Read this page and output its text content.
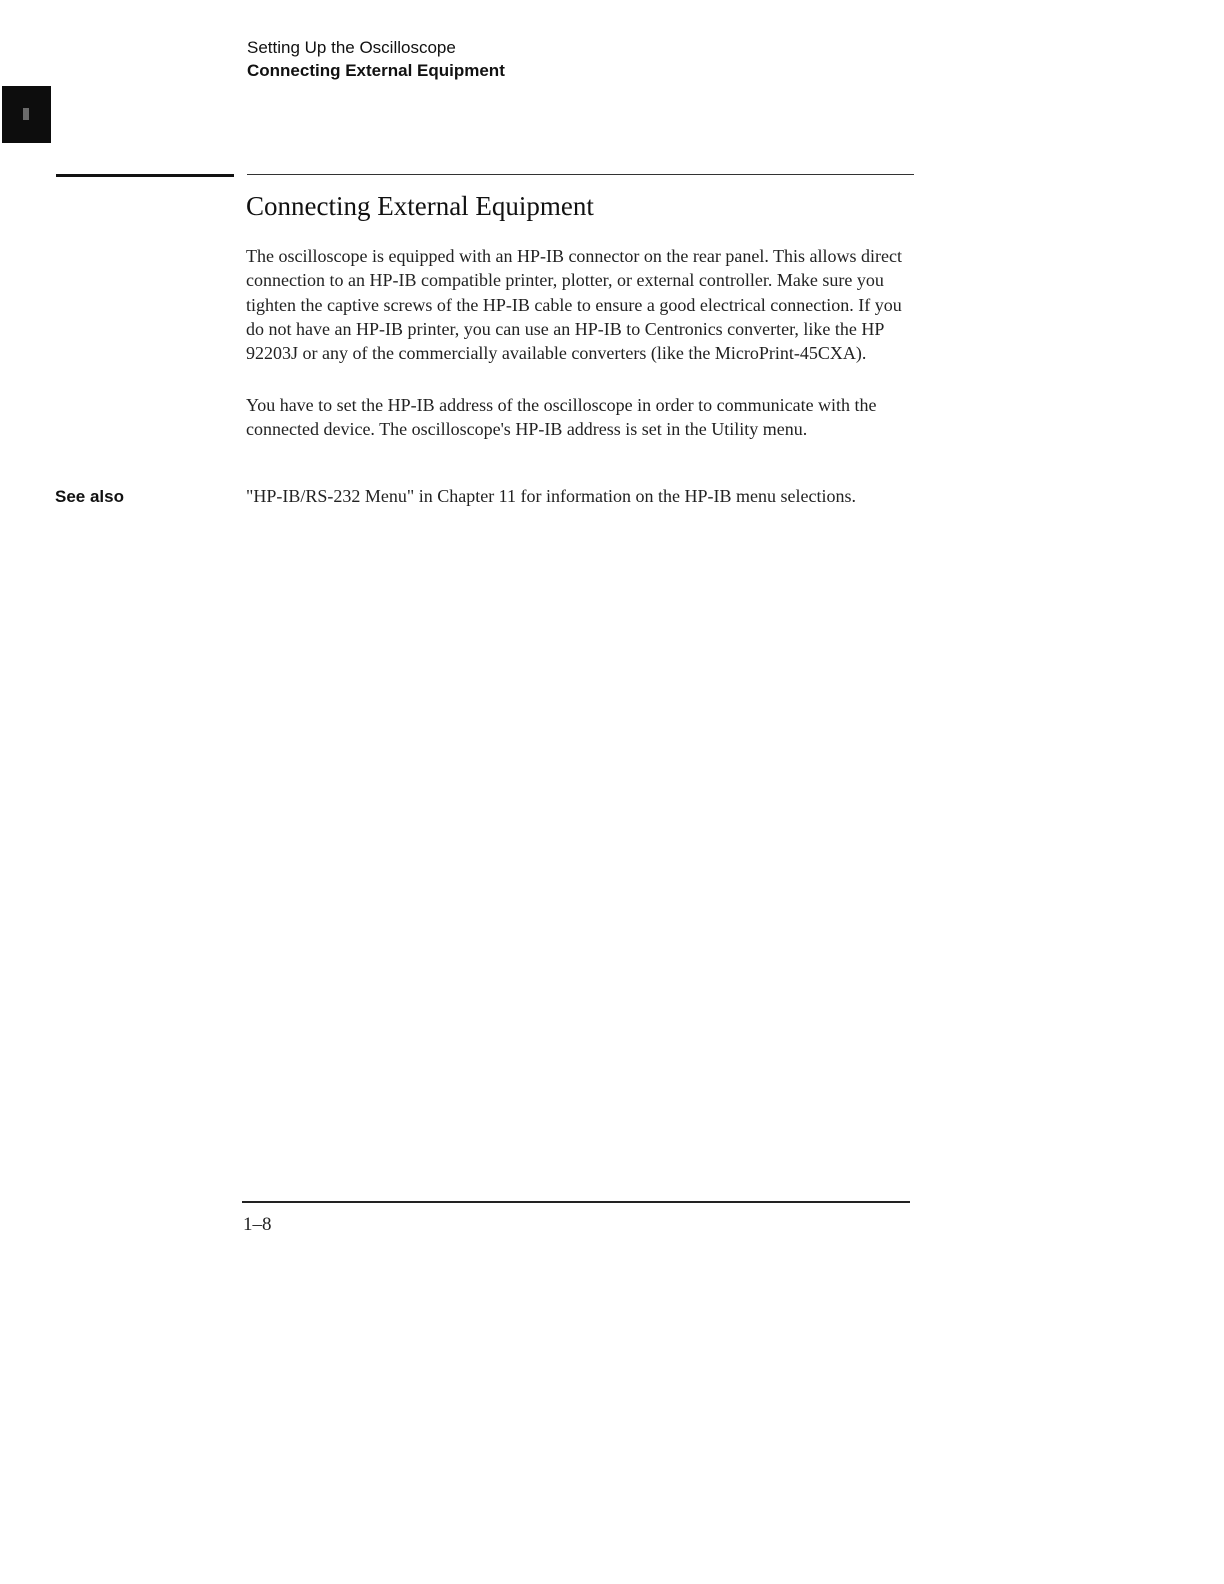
Setting Up the Oscilloscope
Connecting External Equipment
Connecting External Equipment

The oscilloscope is equipped with an HP-IB connector on the rear panel. This allows direct connection to an HP-IB compatible printer, plotter, or external controller. Make sure you tighten the captive screws of the HP-IB cable to ensure a good electrical connection. If you do not have an HP-IB printer, you can use an HP-IB to Centronics converter, like the HP 92203J or any of the commercially available converters (like the MicroPrint-45CXA).

You have to set the HP-IB address of the oscilloscope in order to communicate with the connected device. The oscilloscope's HP-IB address is set in the Utility menu.

See also	"HP-IB/RS-232 Menu" in Chapter 11 for information on the HP-IB menu selections.

1–8
